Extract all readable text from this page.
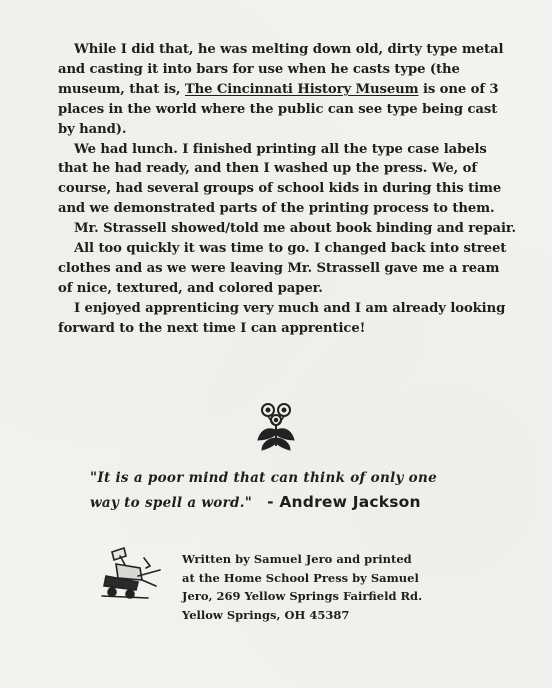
While I did that, he was melting down old, dirty type metal and casting it into bars for use when he casts type (the museum, that is, The Cincinnati History Museum is one of 3 places in the world where the public can see type being cast by hand).

We had lunch. I finished printing all the type case labels that he had ready, and then I washed up the press. We, of course, had several groups of school kids in during this time and we demonstrated parts of the printing process to them.

Mr. Strassell showed/told me about book binding and repair.

All too quickly it was time to go. I changed back into street clothes and as we were leaving Mr. Strassell gave me a ream of nice, textured, and colored paper.

I enjoyed apprenticing very much and I am already looking forward to the next time I can apprentice!

"It is a poor mind that can think of only one
way to spell a word." - Andrew Jackson
Written by Samuel Jero and printed
at the Home School Press by Samuel
Jero, 269 Yellow Springs Fairfield Rd.
Yellow Springs, OH 45387
